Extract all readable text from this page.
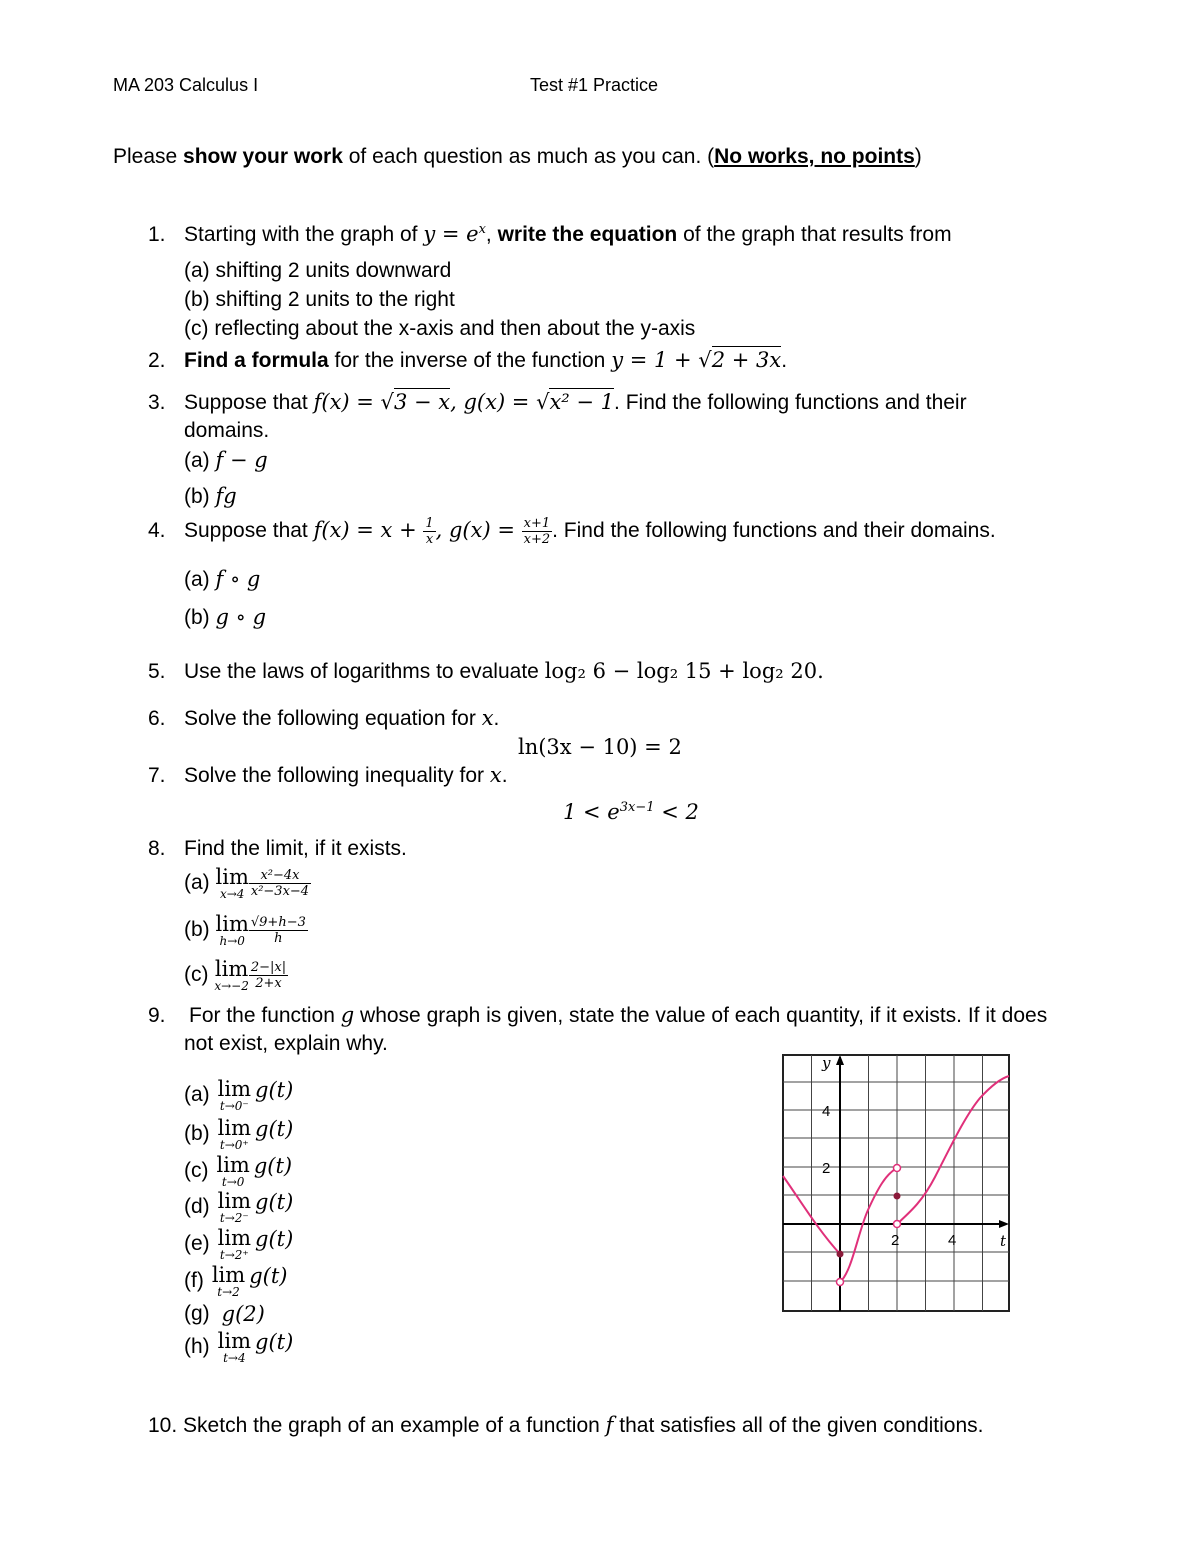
MA 203 Calculus I	Test #1 Practice
Please show your work of each question as much as you can. (No works, no points)
1. Starting with the graph of $y = e^x$, write the equation of the graph that results from
(a) shifting 2 units downward
(b) shifting 2 units to the right
(c) reflecting about the x-axis and then about the y-axis
2. Find a formula for the inverse of the function y = 1 + √2 + 3x.
3. Suppose that f(x) = √3 − x, g(x) = √x² − 1. Find the following functions and their
domains.
(a) f − g
(b) fg
4. Suppose that $f(x) = x + \frac{1}{x}$ , $g(x) = \frac{x+1}{x+2}$ . Find the following functions and their domains.
(a) f ∘ g
(b) g ∘ g
5. Use the laws of logarithms to evaluate log₂ 6 − log₂ 15 + log₂ 20.
6. Solve the following equation for x.
ln(3x − 10) = 2
7. Solve the following inequality for x.
$1 < e^{3x-1} < 2$
8. Find the limit, if it exists.
(a) lim
$x\to 4 \frac{\text{x²−4x}}{\text{x²−3x−4}}$
(b) lim
$h\to 0 \frac{√9+h-3}{h}$
(c) lim
$x\to-2 \frac{2-|x|}{2+x}$
9. For the function g whose graph is given, state the value of each quantity, if it exists. If it does
not exist, explain why.
(a) lim
t→0⁻
g(t)
(b) lim
t→0⁺
g(t)
(c) lim
t→0
g(t)
(d) lim
t→2⁻
g(t)
(e) lim
t→2⁺
g(t)
(f) lim
t→2
g(t)
(g) g(2)
(h) lim
t→4
g(t)
y
t
4
2
2	4
10. Sketch the graph of an example of a function f that satisfies all of the given conditions.
